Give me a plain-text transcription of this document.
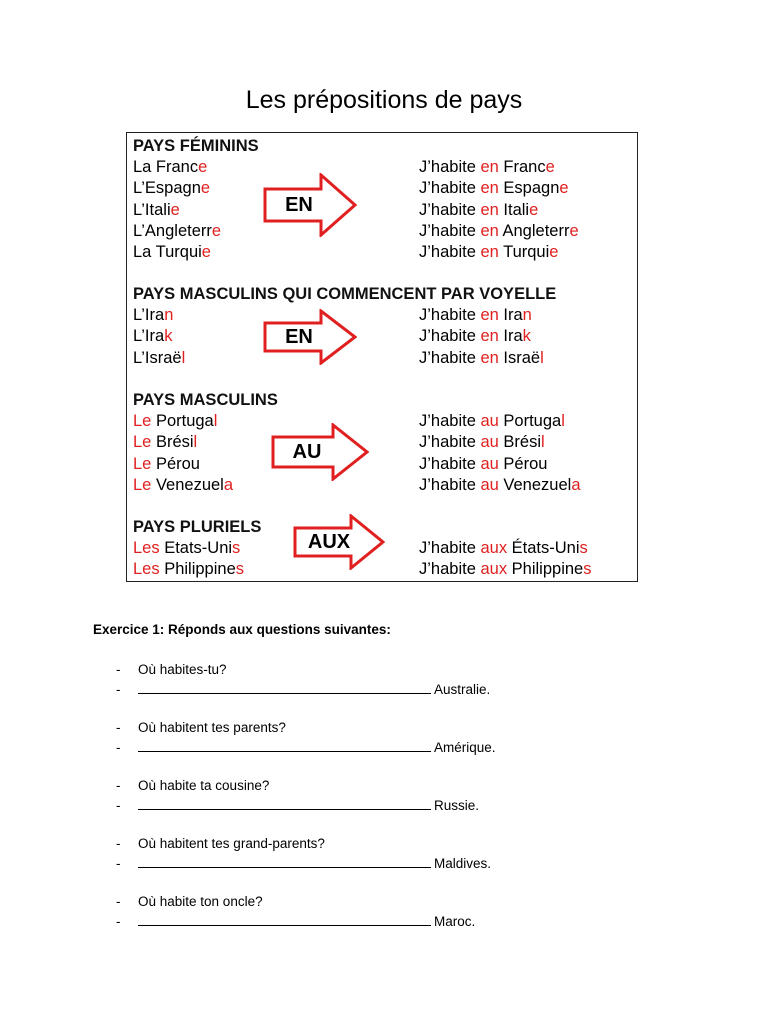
Les prépositions de pays
PAYS FÉMININS
La France	J’habite en France
L’Espagne	J’habite en Espagne
L’Italie	J’habite en Italie
L’Angleterre	J’habite en Angleterre
La Turquie	J’habite en Turquie
EN
PAYS MASCULINS QUI COMMENCENT PAR VOYELLE
L’Iran	J’habite en Iran
L’Irak	J’habite en Irak
L’Israël	J’habite en Israël
EN
PAYS MASCULINS
Le Portugal	J’habite au Portugal
Le Brésil	J’habite au Brésil
Le Pérou	J’habite au Pérou
Le Venezuela	J’habite au Venezuela
AU
PAYS PLURIELS
Les Etats-Unis	J’habite aux États-Unis
Les Philippines	J’habite aux Philippines
AUX
Exercice 1: Réponds aux questions suivantes:
- Où habites-tu?
-	Australie.
- Où habitent tes parents?
-	Amérique.
- Où habite ta cousine?
-	Russie.
- Où habitent tes grand-parents?
-	Maldives.
- Où habite ton oncle?
-	Maroc.
